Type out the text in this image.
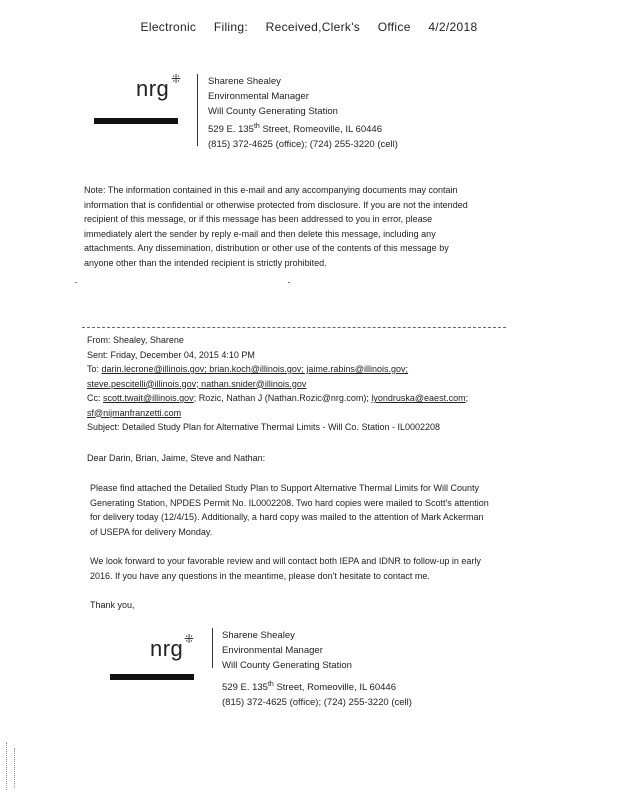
Electronic Filing: Received,Clerk's Office 4/2/2018
nrg ⁜	Sharene Shealey
Environmental Manager
Will County Generating Station
529 E. 135th Street, Romeoville, IL 60446
(815) 372-4625 (office); (724) 255-3220 (cell)
Note: The information contained in this e-mail and any accompanying documents may contain
information that is confidential or otherwise protected from disclosure. If you are not the intended
recipient of this message, or if this message has been addressed to you in error, please
immediately alert the sender by reply e-mail and then delete this message, including any
attachments. Any dissemination, distribution or other use of the contents of this message by
anyone other than the intended recipient is strictly prohibited.
From: Shealey, Sharene
Sent: Friday, December 04, 2015 4:10 PM
To: darin.lecrone@illinois.gov; brian.koch@illinois.gov; jaime.rabins@illinois.gov;
steve.pescitelli@illinois.gov; nathan.snider@illinois.gov
Cc: scott.twait@illinois.gov; Rozic, Nathan J (Nathan.Rozic@nrg.com); lyondruska@eaest.com;
sf@nijmanfranzetti.com
Subject: Detailed Study Plan for Alternative Thermal Limits - Will Co. Station - IL0002208
Dear Darin, Brian, Jaime, Steve and Nathan:
Please find attached the Detailed Study Plan to Support Alternative Thermal Limits for Will County
Generating Station, NPDES Permit No. IL0002208. Two hard copies were mailed to Scott's attention
for delivery today (12/4/15). Additionally, a hard copy was mailed to the attention of Mark Ackerman
of USEPA for delivery Monday.
We look forward to your favorable review and will contact both IEPA and IDNR to follow-up in early
2016. If you have any questions in the meantime, please don't hesitate to contact me.
Thank you,
nrg ⁜	Sharene Shealey
Environmental Manager
Will County Generating Station
529 E. 135th Street, Romeoville, IL 60446
(815) 372-4625 (office); (724) 255-3220 (cell)
